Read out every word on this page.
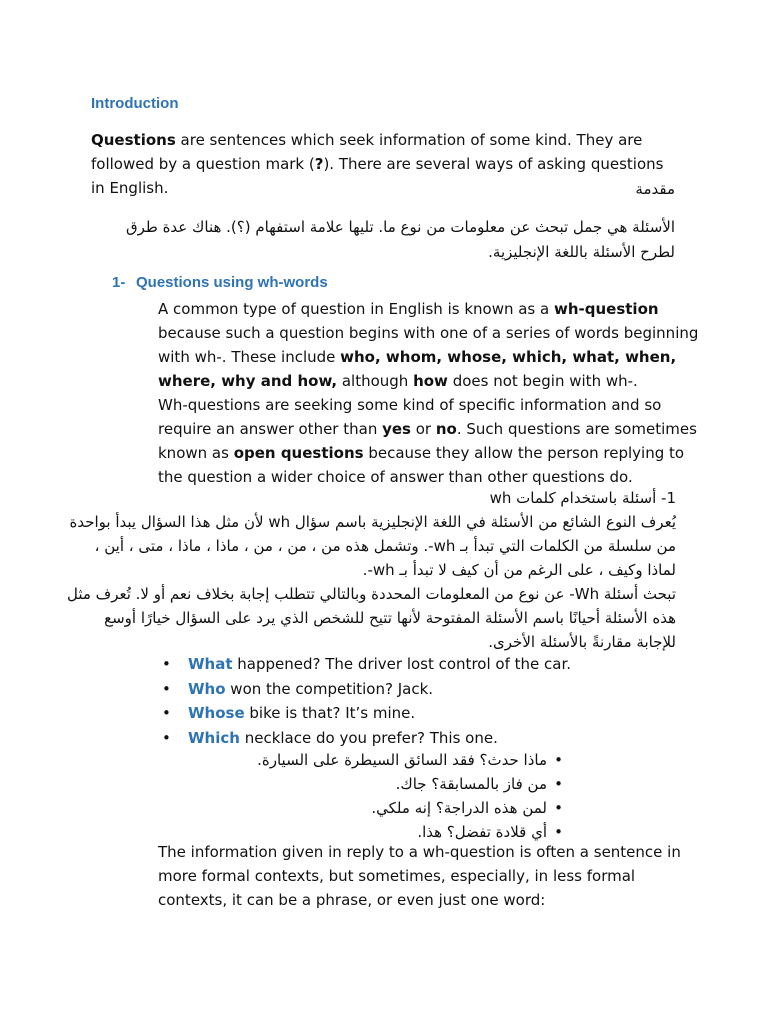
Introduction
Questions are sentences which seek information of some kind. They are followed by a question mark (?). There are several ways of asking questions in English.	مقدمة
الأسئلة هي جمل تبحث عن معلومات من نوع ما. تليها علامة استفهام (؟). هناك عدة طرق لطرح الأسئلة باللغة الإنجليزية.
1- Questions using wh-words
A common type of question in English is known as a wh-question because such a question begins with one of a series of words beginning with wh-. These include who, whom, whose, which, what, when, where, why and how, although how does not begin with wh-.
Wh-questions are seeking some kind of specific information and so require an answer other than yes or no. Such questions are sometimes known as open questions because they allow the person replying to the question a wider choice of answer than other questions do.
1- أسئلة باستخدام كلمات wh
يُعرف النوع الشائع من الأسئلة في اللغة الإنجليزية باسم سؤال wh لأن مثل هذا السؤال يبدأ بواحدة من سلسلة من الكلمات التي تبدأ بـ wh-. وتشمل هذه من ، من ، من ، ماذا ، ماذا ، متى ، أين ، لماذا وكيف ، على الرغم من أن كيف لا تبدأ بـ wh-.
تبحث أسئلة Wh- عن نوع من المعلومات المحددة وبالتالي تتطلب إجابة بخلاف نعم أو لا. تُعرف مثل هذه الأسئلة أحيانًا باسم الأسئلة المفتوحة لأنها تتيح للشخص الذي يرد على السؤال خيارًا أوسع للإجابة مقارنةً بالأسئلة الأخرى.
• What happened? The driver lost control of the car.
• Who won the competition? Jack.
• Whose bike is that? It’s mine.
• Which necklace do you prefer? This one.
• ماذا حدث؟ فقد السائق السيطرة على السيارة.
• من فاز بالمسابقة؟ جاك.
• لمن هذه الدراجة؟ إنه ملكي.
• أي قلادة تفضل؟ هذا.
The information given in reply to a wh-question is often a sentence in more formal contexts, but sometimes, especially, in less formal contexts, it can be a phrase, or even just one word:
